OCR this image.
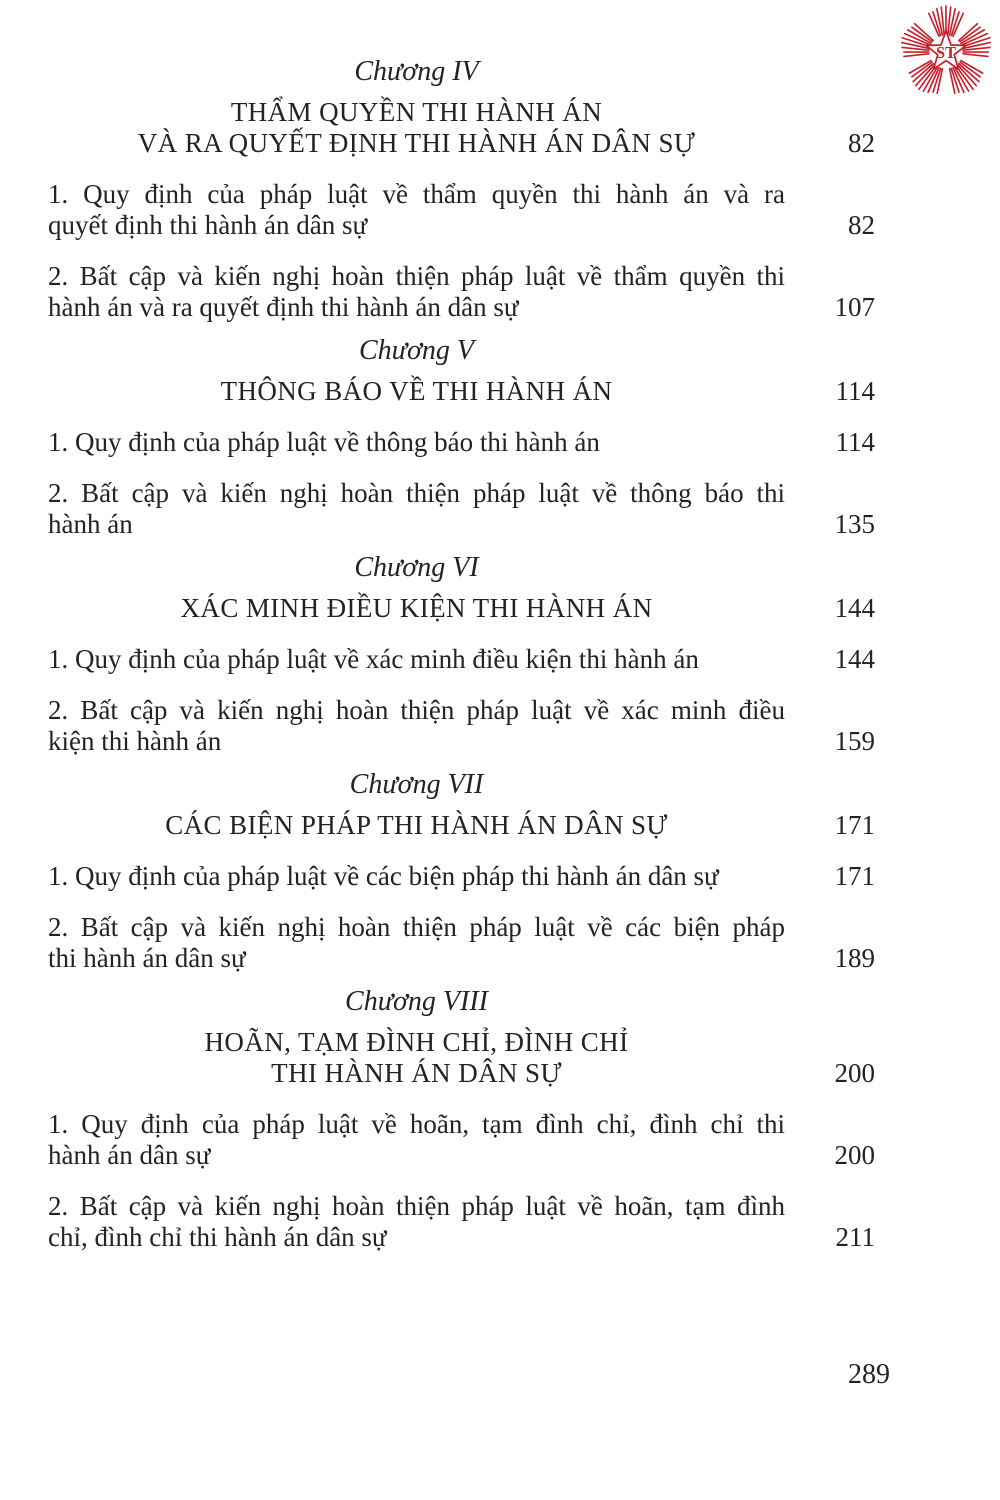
ST
Chương IV
THẨM QUYỀN THI HÀNH ÁN
VÀ RA QUYẾT ĐỊNH THI HÀNH ÁN DÂN SỰ	82
1. Quy định của pháp luật về thẩm quyền thi hành án và ra
quyết định thi hành án dân sự	82
2. Bất cập và kiến nghị hoàn thiện pháp luật về thẩm quyền thi
hành án và ra quyết định thi hành án dân sự	107
Chương V
THÔNG BÁO VỀ THI HÀNH ÁN	114
1. Quy định của pháp luật về thông báo thi hành án	114
2. Bất cập và kiến nghị hoàn thiện pháp luật về thông báo thi
hành án	135
Chương VI
XÁC MINH ĐIỀU KIỆN THI HÀNH ÁN	144
1. Quy định của pháp luật về xác minh điều kiện thi hành án	144
2. Bất cập và kiến nghị hoàn thiện pháp luật về xác minh điều
kiện thi hành án	159
Chương VII
CÁC BIỆN PHÁP THI HÀNH ÁN DÂN SỰ	171
1. Quy định của pháp luật về các biện pháp thi hành án dân sự	171
2. Bất cập và kiến nghị hoàn thiện pháp luật về các biện pháp
thi hành án dân sự	189
Chương VIII
HOÃN, TẠM ĐÌNH CHỈ, ĐÌNH CHỈ
THI HÀNH ÁN DÂN SỰ	200
1. Quy định của pháp luật về hoãn, tạm đình chỉ, đình chỉ thi
hành án dân sự	200
2. Bất cập và kiến nghị hoàn thiện pháp luật về hoãn, tạm đình
chỉ, đình chỉ thi hành án dân sự	211
289
